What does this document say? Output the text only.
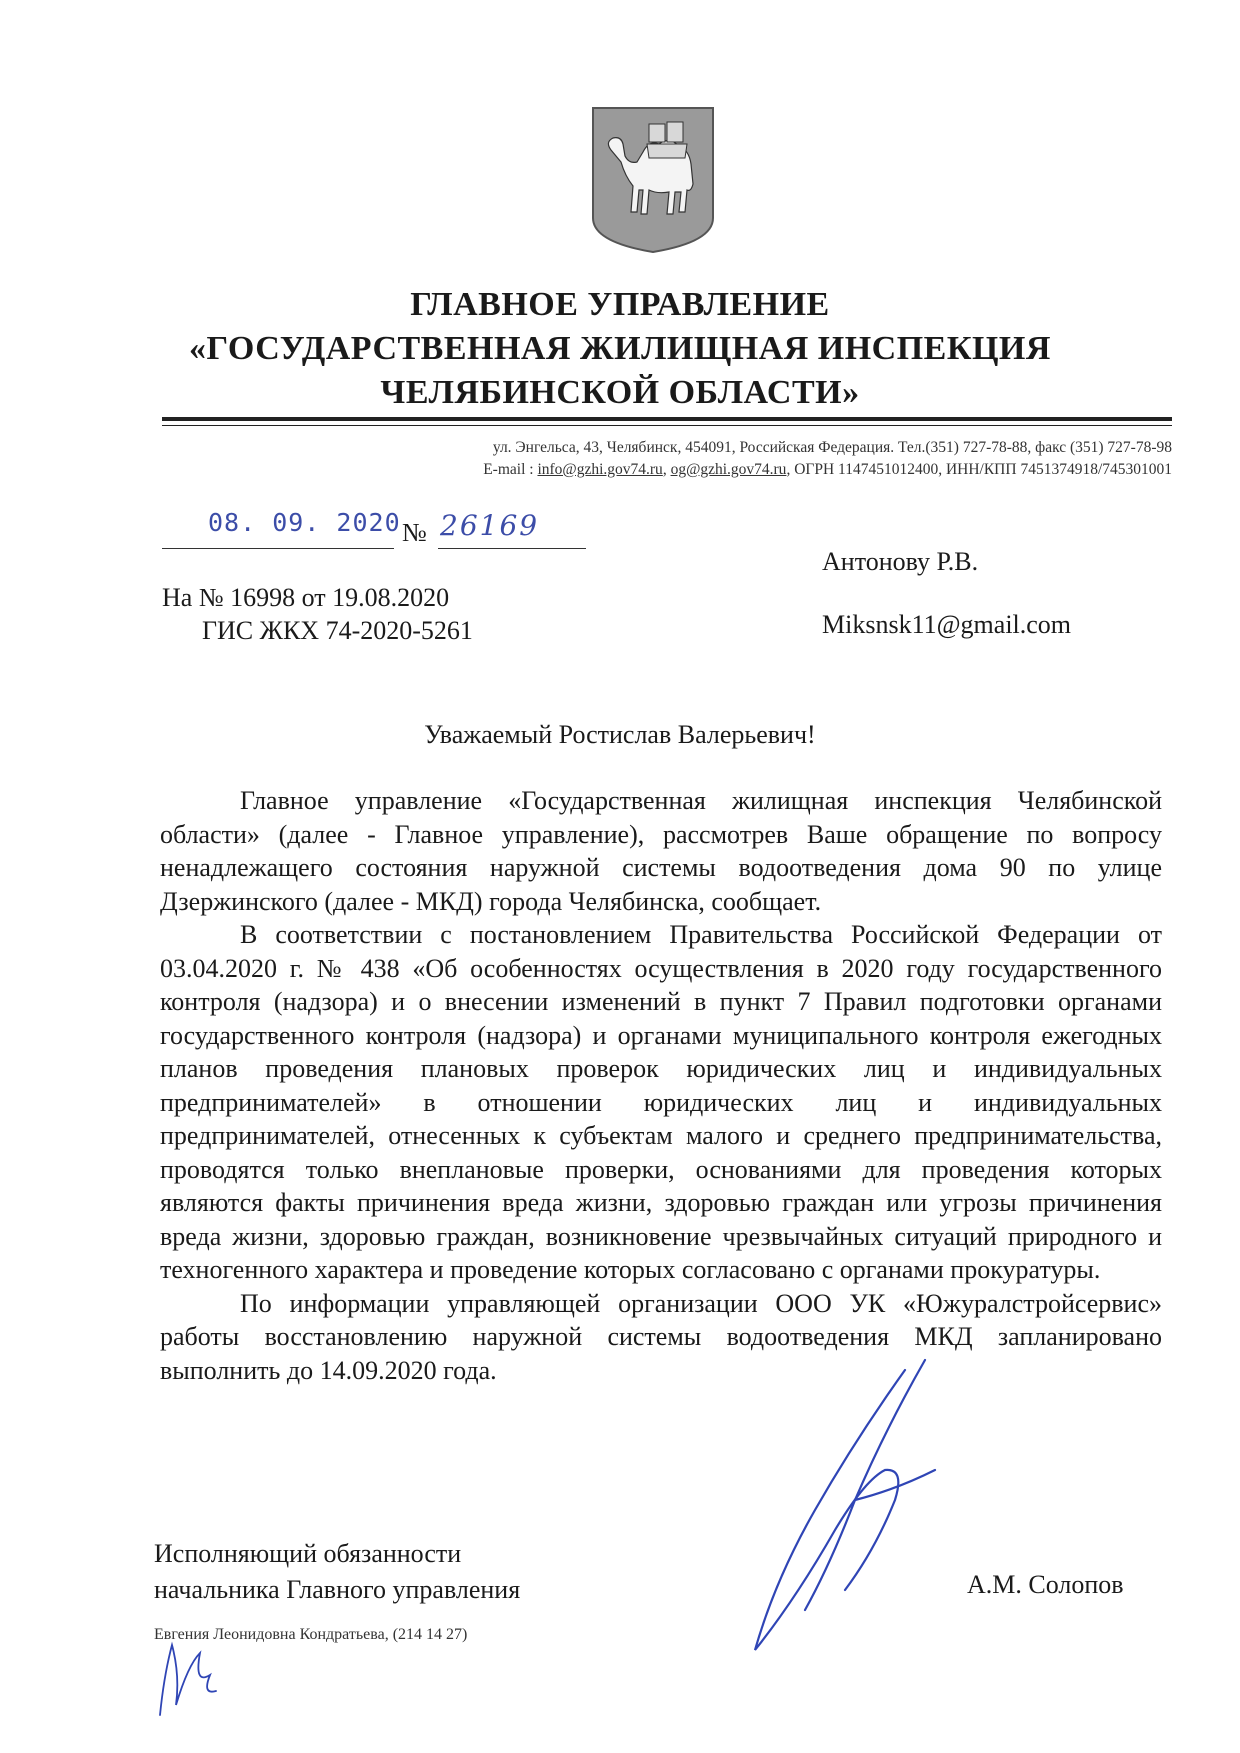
ГЛАВНОЕ УПРАВЛЕНИЕ
«ГОСУДАРСТВЕННАЯ ЖИЛИЩНАЯ ИНСПЕКЦИЯ
ЧЕЛЯБИНСКОЙ ОБЛАСТИ»
ул. Энгельса, 43, Челябинск, 454091, Российская Федерация. Тел.(351) 727-78-88, факс (351) 727-78-98
E-mail : info@gzhi.gov74.ru, og@gzhi.gov74.ru, ОГРН 1147451012400, ИНН/КПП 7451374918/745301001
08. 09. 2020 № 26169
Антонову Р.В.
Miksnsk11@gmail.com
На № 16998 от 19.08.2020
ГИС ЖКХ 74-2020-5261
Уважаемый Ростислав Валерьевич!

Главное управление «Государственная жилищная инспекция Челябинской области» (далее - Главное управление), рассмотрев Ваше обращение по вопросу ненадлежащего состояния наружной системы водоотведения дома 90 по улице Дзержинского (далее - МКД) города Челябинска, сообщает.

В соответствии с постановлением Правительства Российской Федерации от 03.04.2020 г. № 438 «Об особенностях осуществления в 2020 году государственного контроля (надзора) и о внесении изменений в пункт 7 Правил подготовки органами государственного контроля (надзора) и органами муниципального контроля ежегодных планов проведения плановых проверок юридических лиц и индивидуальных предпринимателей» в отношении юридических лиц и индивидуальных предпринимателей, отнесенных к субъектам малого и среднего предпринимательства, проводятся только внеплановые проверки, основаниями для проведения которых являются факты причинения вреда жизни, здоровью граждан или угрозы причинения вреда жизни, здоровью граждан, возникновение чрезвычайных ситуаций природного и техногенного характера и проведение которых согласовано с органами прокуратуры.

По информации управляющей организации ООО УК «Южуралстройсервис» работы восстановлению наружной системы водоотведения МКД запланировано выполнить до 14.09.2020 года.

Исполняющий обязанности
начальника Главного управления	А.М. Солопов
Евгения Леонидовна Кондратьева, (214 14 27)
